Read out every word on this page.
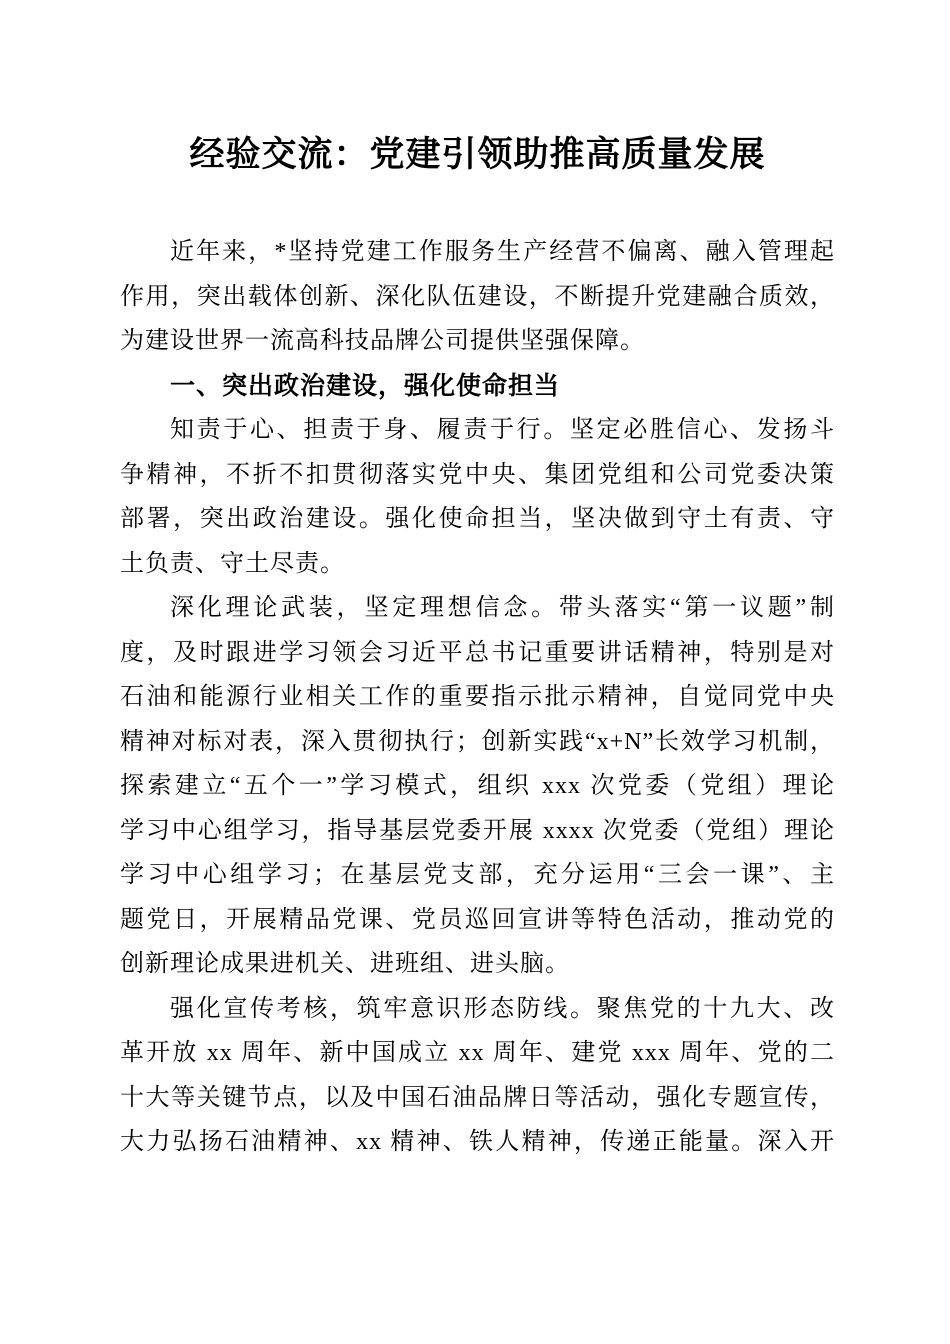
经验交流：党建引领助推高质量发展
近年来，*坚持党建工作服务生产经营不偏离、融入管理起
作用，突出载体创新、深化队伍建设，不断提升党建融合质效，
为建设世界一流高科技品牌公司提供坚强保障。
一、突出政治建设，强化使命担当
知责于心、担责于身、履责于行。坚定必胜信心、发扬斗
争精神，不折不扣贯彻落实党中央、集团党组和公司党委决策
部署，突出政治建设。强化使命担当，坚决做到守土有责、守
土负责、守土尽责。
深化理论武装，坚定理想信念。带头落实“第一议题”制
度，及时跟进学习领会习近平总书记重要讲话精神，特别是对
石油和能源行业相关工作的重要指示批示精神，自觉同党中央
精神对标对表，深入贯彻执行；创新实践“x+N”长效学习机制，
探索建立“五个一”学习模式，组织 xxx 次党委（党组）理论
学习中心组学习，指导基层党委开展 xxxx 次党委（党组）理论
学习中心组学习；在基层党支部，充分运用“三会一课”、主
题党日，开展精品党课、党员巡回宣讲等特色活动，推动党的
创新理论成果进机关、进班组、进头脑。
强化宣传考核，筑牢意识形态防线。聚焦党的十九大、改
革开放 xx 周年、新中国成立 xx 周年、建党 xxx 周年、党的二
十大等关键节点，以及中国石油品牌日等活动，强化专题宣传，
大力弘扬石油精神、xx 精神、铁人精神，传递正能量。深入开
